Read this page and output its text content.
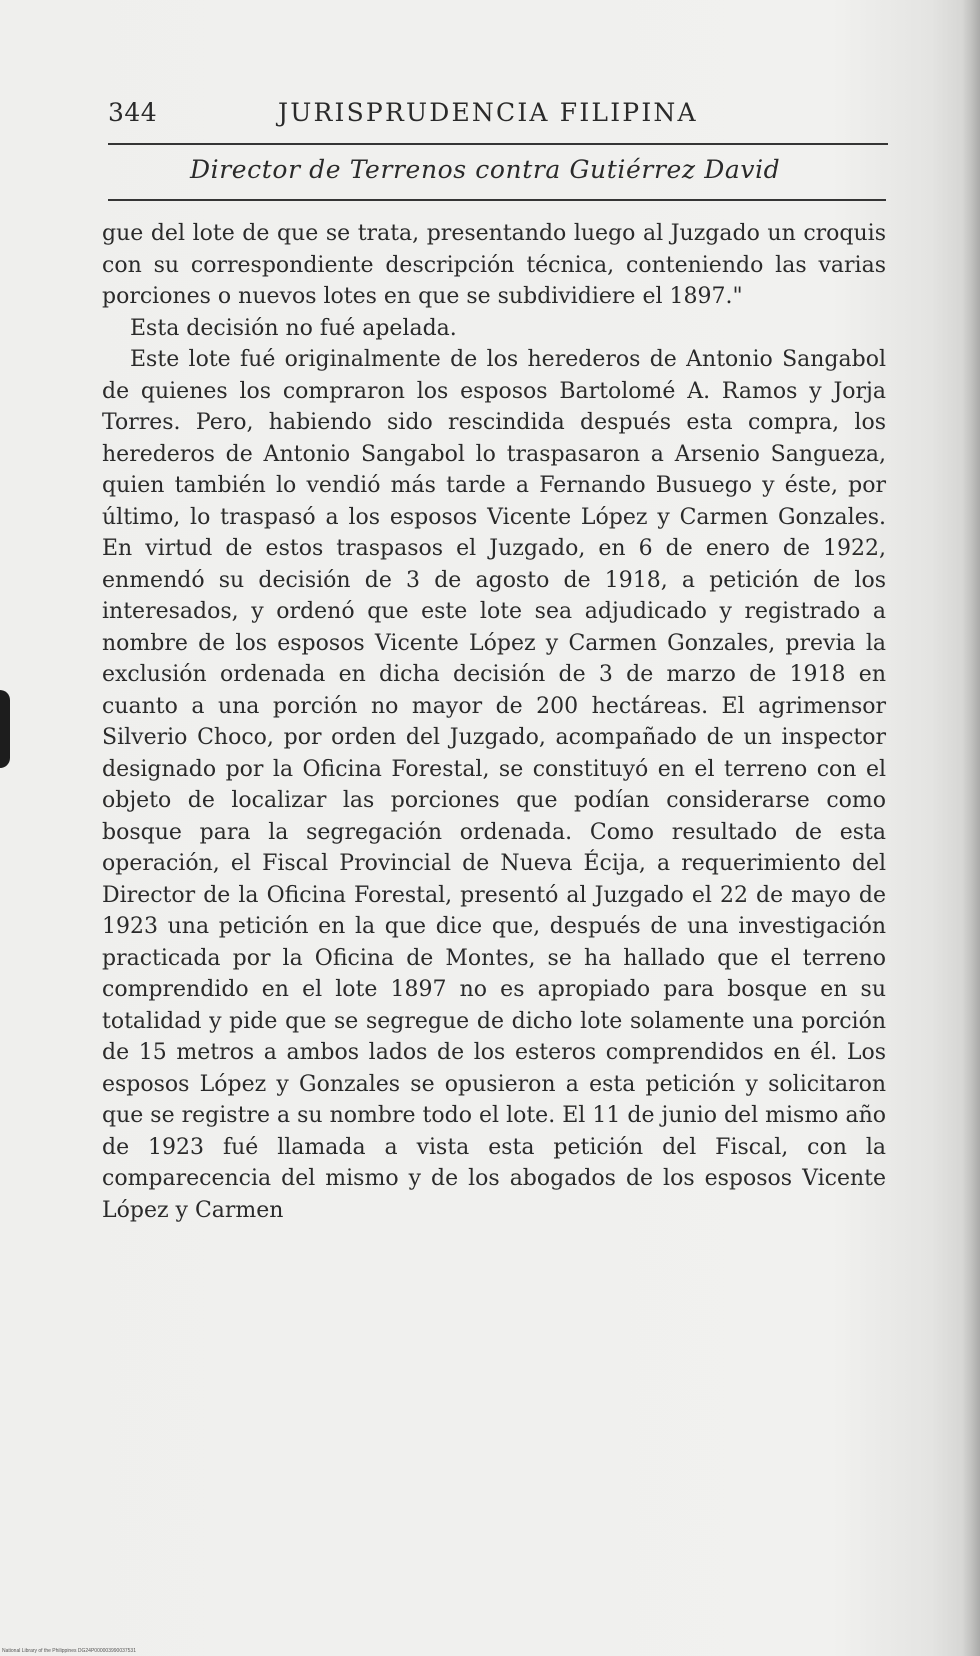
344	JURISPRUDENCIA FILIPINA
Director de Terrenos contra Gutiérrez David

gue del lote de que se trata, presentando luego al Juzgado un croquis con su correspondiente descripción técnica, conteniendo las varias porciones o nuevos lotes en que se subdividiere el 1897."

Esta decisión no fué apelada.

Este lote fué originalmente de los herederos de Antonio Sangabol de quienes los compraron los esposos Bartolomé A. Ramos y Jorja Torres. Pero, habiendo sido rescindida después esta compra, los herederos de Antonio Sangabol lo traspasaron a Arsenio Sangueza, quien también lo vendió más tarde a Fernando Busuego y éste, por último, lo traspasó a los esposos Vicente López y Carmen Gonzales. En virtud de estos traspasos el Juzgado, en 6 de enero de 1922, enmendó su decisión de 3 de agosto de 1918, a petición de los interesados, y ordenó que este lote sea adjudicado y registrado a nombre de los esposos Vicente López y Carmen Gonzales, previa la exclusión ordenada en dicha decisión de 3 de marzo de 1918 en cuanto a una porción no mayor de 200 hectáreas. El agrimensor Silverio Choco, por orden del Juzgado, acompañado de un inspector designado por la Oficina Forestal, se constituyó en el terreno con el objeto de localizar las porciones que podían considerarse como bosque para la segregación ordenada. Como resultado de esta operación, el Fiscal Provincial de Nueva Écija, a requerimiento del Director de la Oficina Forestal, presentó al Juzgado el 22 de mayo de 1923 una petición en la que dice que, después de una investigación practicada por la Oficina de Montes, se ha hallado que el terreno comprendido en el lote 1897 no es apropiado para bosque en su totalidad y pide que se segregue de dicho lote solamente una porción de 15 metros a ambos lados de los esteros comprendidos en él. Los esposos López y Gonzales se opusieron a esta petición y solicitaron que se registre a su nombre todo el lote. El 11 de junio del mismo año de 1923 fué llamada a vista esta petición del Fiscal, con la comparecencia del mismo y de los abogados de los esposos Vicente López y Carmen

National Library of the Philippines DG24P000003990037531
